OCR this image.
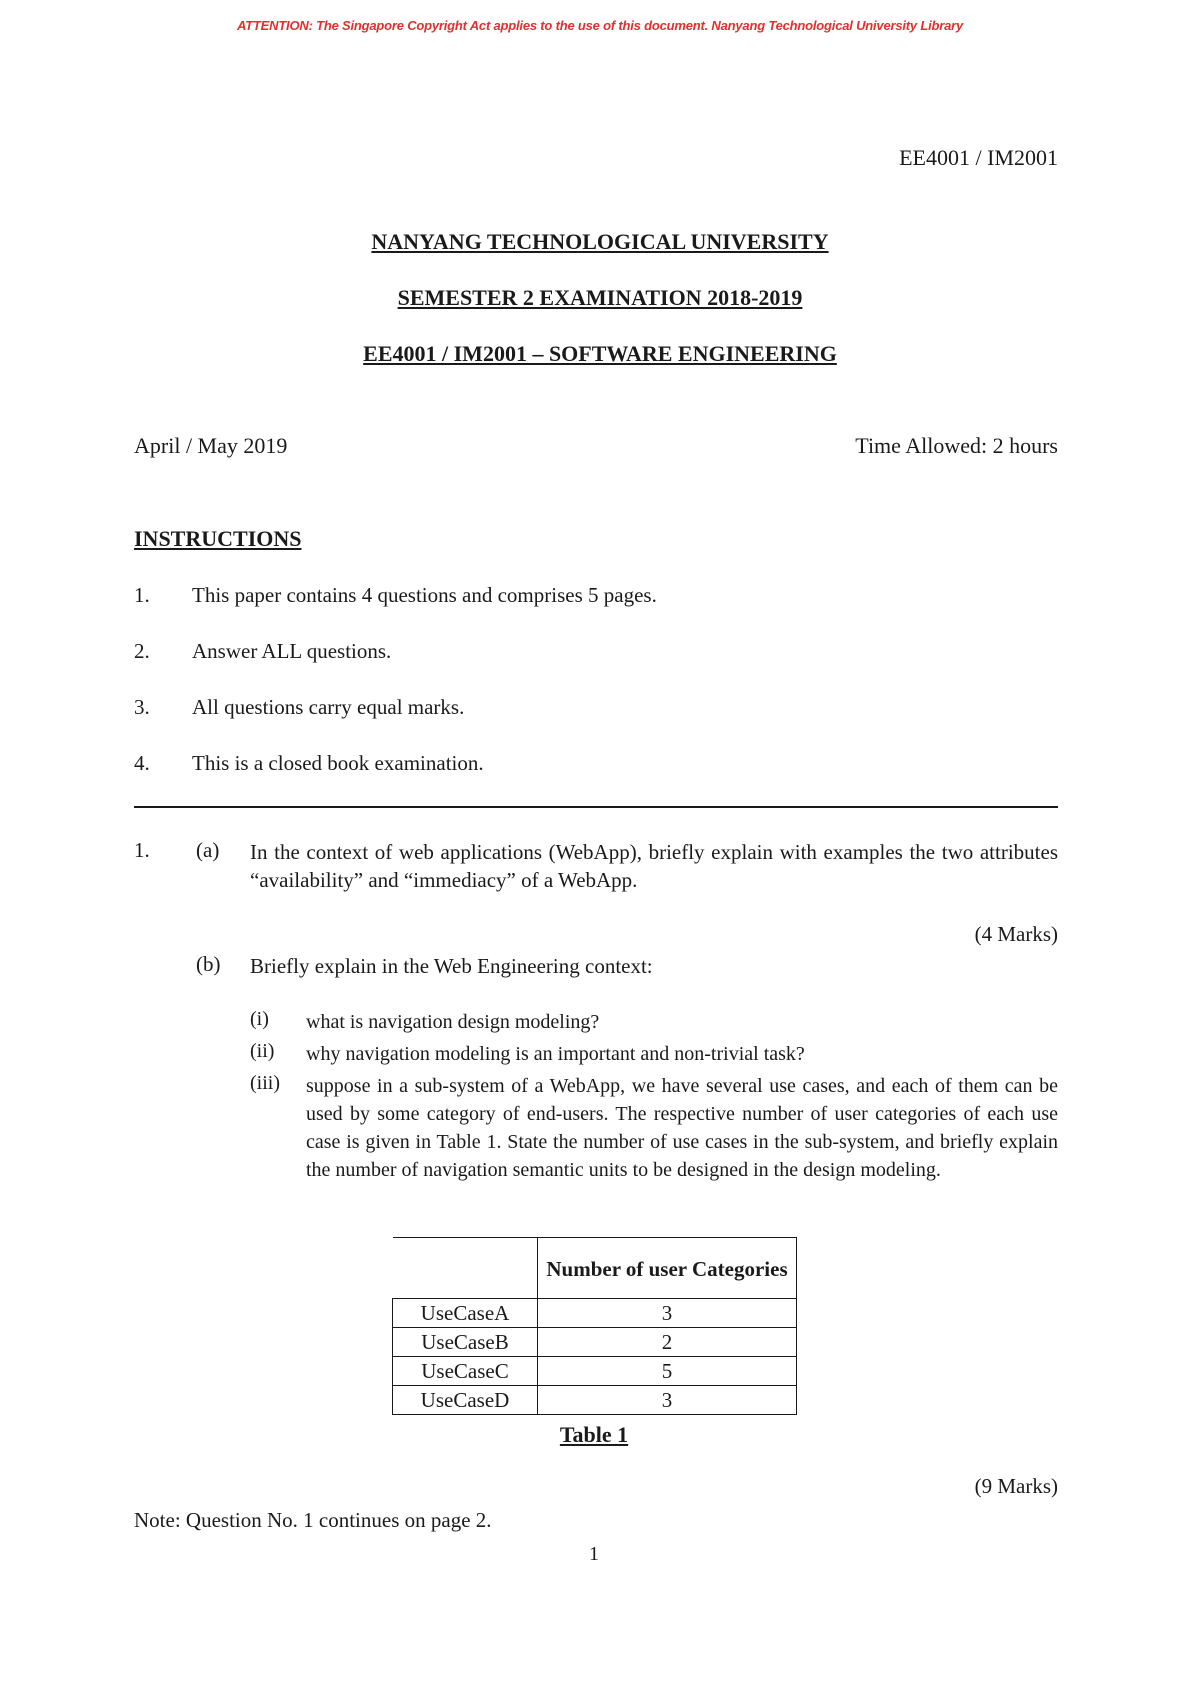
ATTENTION: The Singapore Copyright Act applies to the use of this document. Nanyang Technological University Library
EE4001 / IM2001
NANYANG TECHNOLOGICAL UNIVERSITY
SEMESTER 2 EXAMINATION 2018-2019
EE4001 / IM2001 – SOFTWARE ENGINEERING
April / May 2019	Time Allowed: 2 hours
INSTRUCTIONS
1. This paper contains 4 questions and comprises 5 pages.
2. Answer ALL questions.
3. All questions carry equal marks.
4. This is a closed book examination.
1. (a) In the context of web applications (WebApp), briefly explain with examples the two attributes “availability” and “immediacy” of a WebApp.
(4 Marks)
(b) Briefly explain in the Web Engineering context:
(i) what is navigation design modeling?
(ii) why navigation modeling is an important and non-trivial task?
(iii) suppose in a sub-system of a WebApp, we have several use cases, and each of them can be used by some category of end-users. The respective number of user categories of each use case is given in Table 1. State the number of use cases in the sub-system, and briefly explain the number of navigation semantic units to be designed in the design modeling.
	Number of user Categories
UseCaseA	3
UseCaseB	2
UseCaseC	5
UseCaseD	3
Table 1
(9 Marks)
Note: Question No. 1 continues on page 2.
1
